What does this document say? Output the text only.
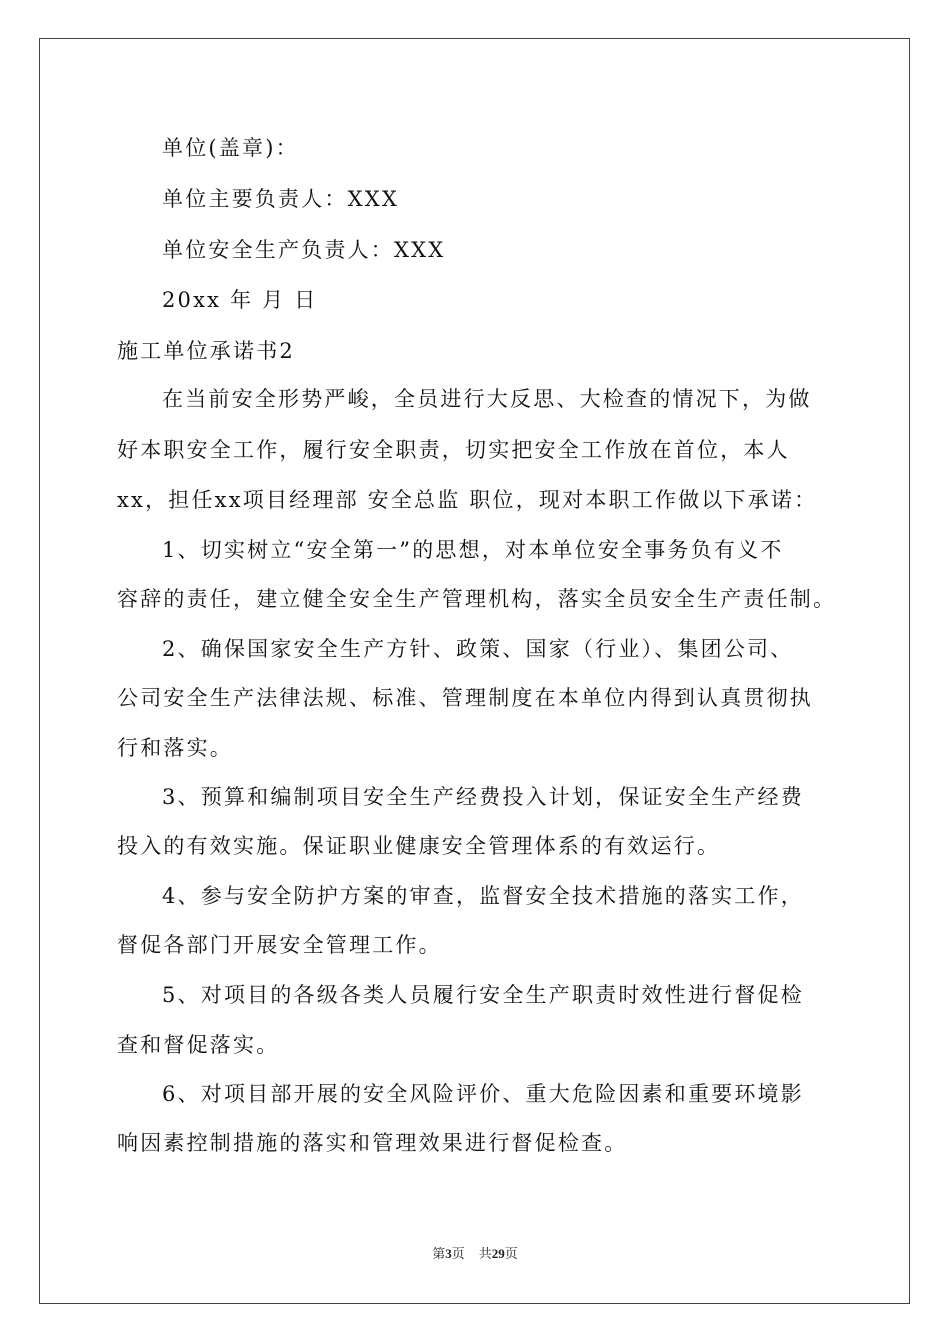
单位(盖章)：
单位主要负责人：XXX
单位安全生产负责人：XXX
20xx 年 月 日
施工单位承诺书2
在当前安全形势严峻，全员进行大反思、大检查的情况下，为做
好本职安全工作，履行安全职责，切实把安全工作放在首位，本人
xx，担任xx项目经理部 安全总监 职位，现对本职工作做以下承诺：
1、切实树立“安全第一”的思想，对本单位安全事务负有义不
容辞的责任，建立健全安全生产管理机构，落实全员安全生产责任制。
2、确保国家安全生产方针、政策、国家（行业）、集团公司、
公司安全生产法律法规、标准、管理制度在本单位内得到认真贯彻执
行和落实。
3、预算和编制项目安全生产经费投入计划，保证安全生产经费
投入的有效实施。保证职业健康安全管理体系的有效运行。
4、参与安全防护方案的审查，监督安全技术措施的落实工作，
督促各部门开展安全管理工作。
5、对项目的各级各类人员履行安全生产职责时效性进行督促检
查和督促落实。
6、对项目部开展的安全风险评价、重大危险因素和重要环境影
响因素控制措施的落实和管理效果进行督促检查。
第3页 共29页
